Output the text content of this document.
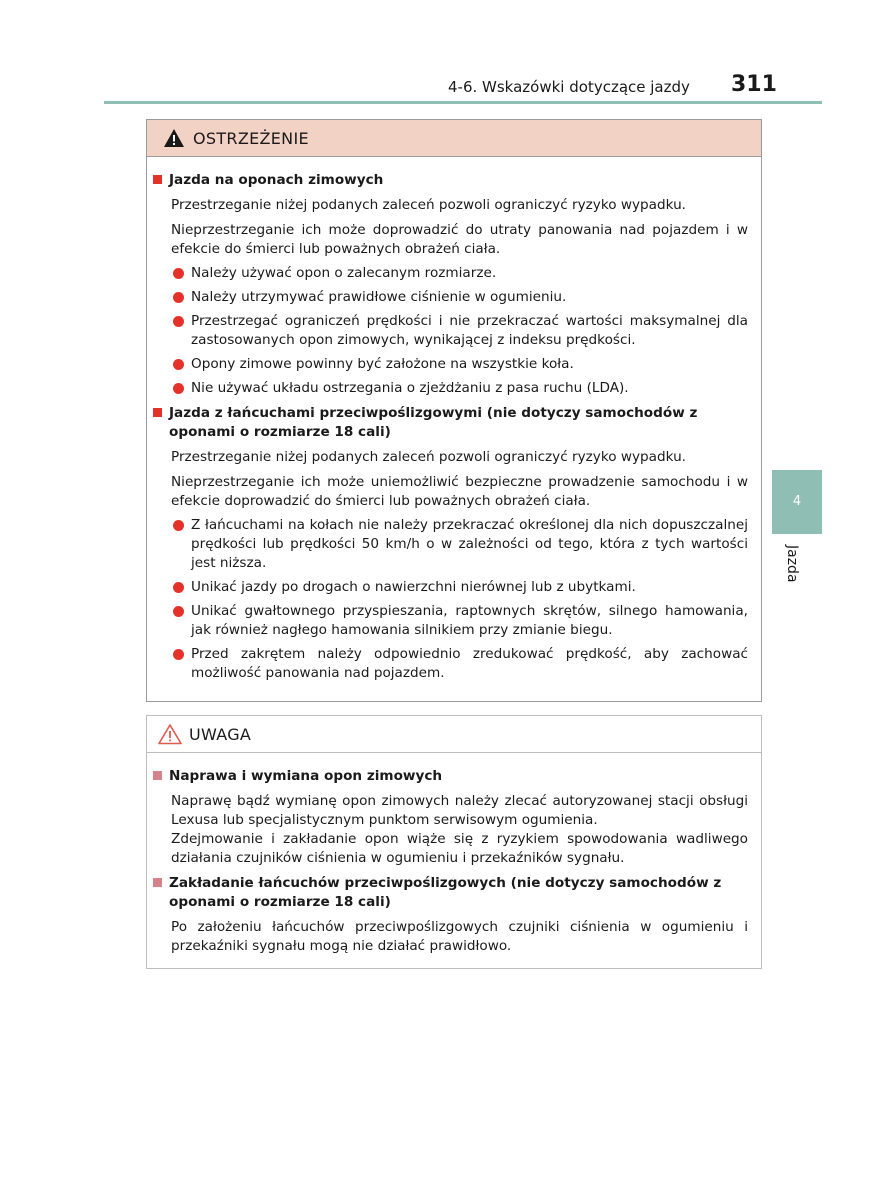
4-6. Wskazówki dotyczące jazdy 311
4
Jazda
OSTRZEŻENIE
Jazda na oponach zimowych
Przestrzeganie niżej podanych zaleceń pozwoli ograniczyć ryzyko wypadku.
Nieprzestrzeganie ich może doprowadzić do utraty panowania nad pojazdem i w efekcie do śmierci lub poważnych obrażeń ciała.
Należy używać opon o zalecanym rozmiarze.
Należy utrzymywać prawidłowe ciśnienie w ogumieniu.
Przestrzegać ograniczeń prędkości i nie przekraczać wartości maksymalnej dla zastosowanych opon zimowych, wynikającej z indeksu prędkości.
Opony zimowe powinny być założone na wszystkie koła.
Nie używać układu ostrzegania o zjeżdżaniu z pasa ruchu (LDA).
Jazda z łańcuchami przeciwpoślizgowymi (nie dotyczy samochodów z oponami o rozmiarze 18 cali)
Przestrzeganie niżej podanych zaleceń pozwoli ograniczyć ryzyko wypadku.
Nieprzestrzeganie ich może uniemożliwić bezpieczne prowadzenie samochodu i w efekcie doprowadzić do śmierci lub poważnych obrażeń ciała.
Z łańcuchami na kołach nie należy przekraczać określonej dla nich dopuszczalnej prędkości lub prędkości 50 km/h o w zależności od tego, która z tych wartości jest niższa.
Unikać jazdy po drogach o nawierzchni nierównej lub z ubytkami.
Unikać gwałtownego przyspieszania, raptownych skrętów, silnego hamowania, jak również nagłego hamowania silnikiem przy zmianie biegu.
Przed zakrętem należy odpowiednio zredukować prędkość, aby zachować możliwość panowania nad pojazdem.
UWAGA
Naprawa i wymiana opon zimowych
Naprawę bądź wymianę opon zimowych należy zlecać autoryzowanej stacji obsługi Lexusa lub specjalistycznym punktom serwisowym ogumienia.
Zdejmowanie i zakładanie opon wiąże się z ryzykiem spowodowania wadliwego działania czujników ciśnienia w ogumieniu i przekaźników sygnału.
Zakładanie łańcuchów przeciwpoślizgowych (nie dotyczy samochodów z oponami o rozmiarze 18 cali)
Po założeniu łańcuchów przeciwpoślizgowych czujniki ciśnienia w ogumieniu i przekaźniki sygnału mogą nie działać prawidłowo.
